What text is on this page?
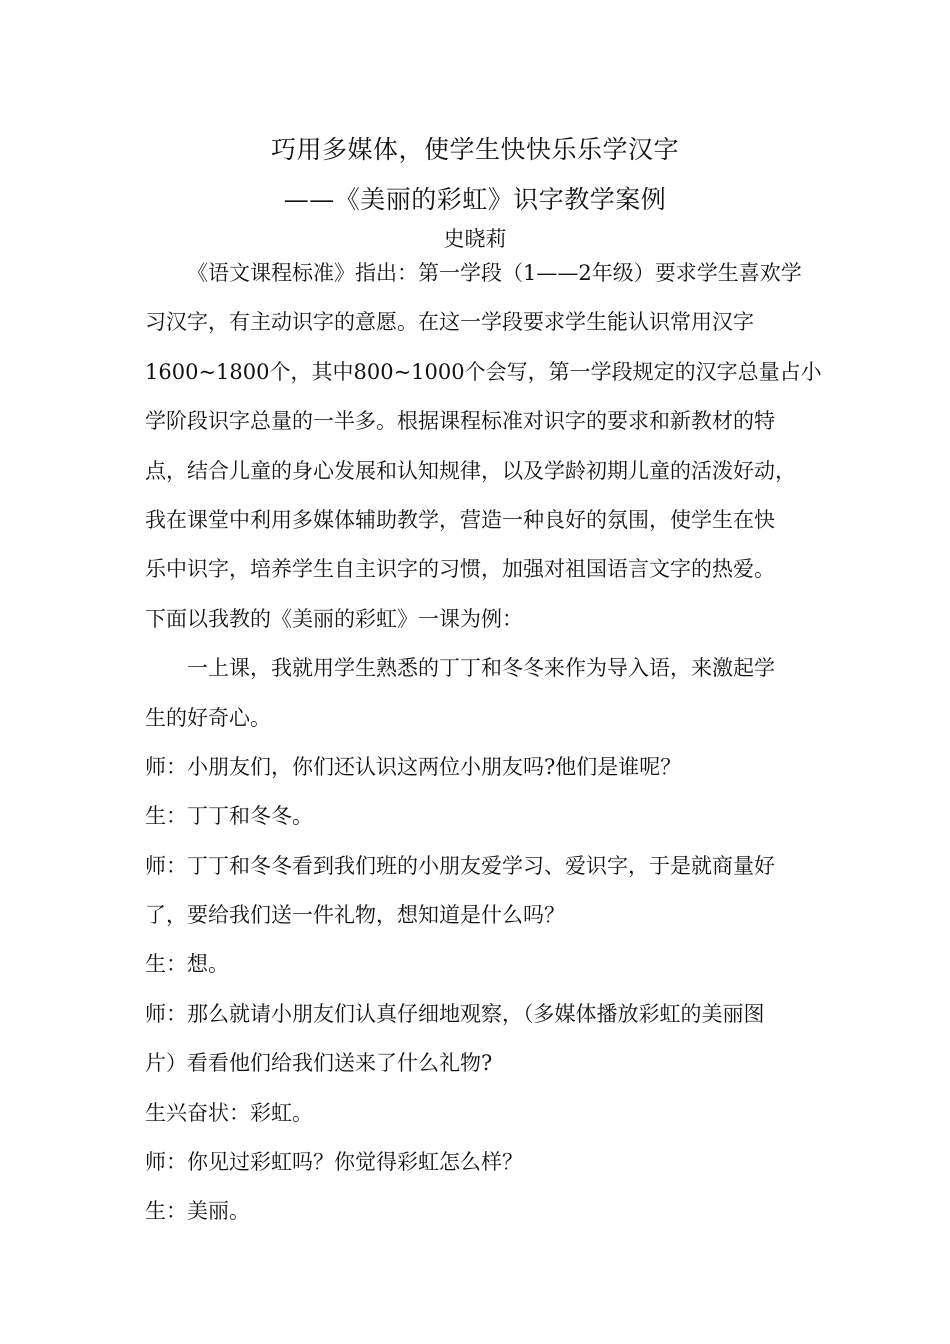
巧用多媒体，使学生快快乐乐学汉字
——《美丽的彩虹》识字教学案例
史晓莉
《语文课程标准》指出：第一学段（1——2年级）要求学生喜欢学
习汉字，有主动识字的意愿。在这一学段要求学生能认识常用汉字
1600~1800个，其中800~1000个会写，第一学段规定的汉字总量占小
学阶段识字总量的一半多。根据课程标准对识字的要求和新教材的特
点，结合儿童的身心发展和认知规律，以及学龄初期儿童的活泼好动，
我在课堂中利用多媒体辅助教学，营造一种良好的氛围，使学生在快
乐中识字，培养学生自主识字的习惯，加强对祖国语言文字的热爱。
下面以我教的《美丽的彩虹》一课为例：
一上课，我就用学生熟悉的丁丁和冬冬来作为导入语，来激起学
生的好奇心。
师：小朋友们，你们还认识这两位小朋友吗?他们是谁呢？
生：丁丁和冬冬。
师：丁丁和冬冬看到我们班的小朋友爱学习、爱识字，于是就商量好
了，要给我们送一件礼物，想知道是什么吗？
生：想。
师：那么就请小朋友们认真仔细地观察，（多媒体播放彩虹的美丽图
片）看看他们给我们送来了什么礼物?
生兴奋状：彩虹。
师：你见过彩虹吗？你觉得彩虹怎么样？
生：美丽。
